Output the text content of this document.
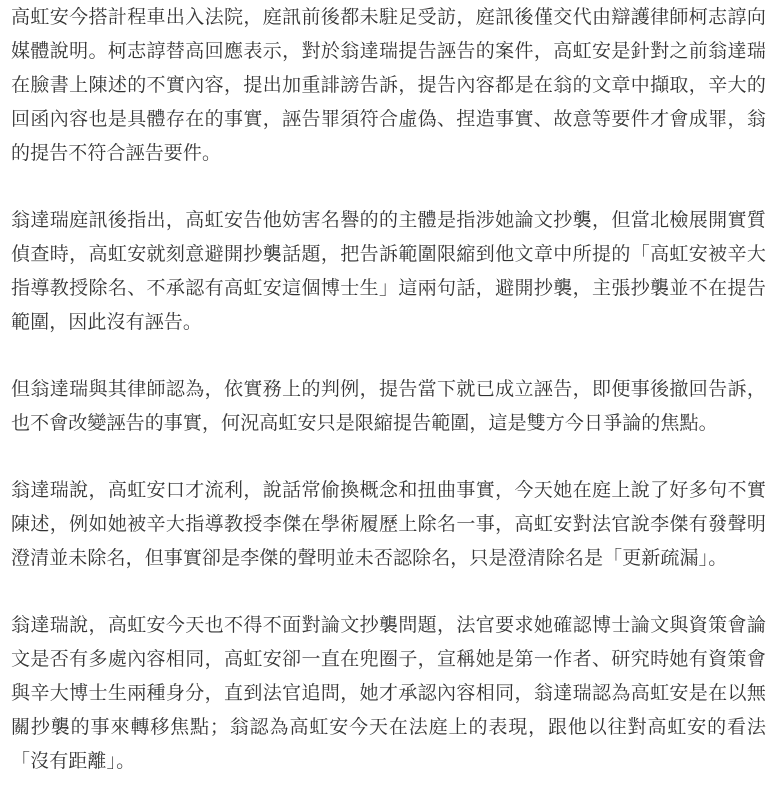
高虹安今搭計程車出入法院，庭訊前後都未駐足受訪，庭訊後僅交代由辯護律師柯志諄向媒體說明。柯志諄替高回應表示，對於翁達瑞提告誣告的案件，高虹安是針對之前翁達瑞在臉書上陳述的不實內容，提出加重誹謗告訴，提告內容都是在翁的文章中擷取，辛大的回函內容也是具體存在的事實，誣告罪須符合虛偽、捏造事實、故意等要件才會成罪，翁的提告不符合誣告要件。

翁達瑞庭訊後指出，高虹安告他妨害名譽的的主體是指涉她論文抄襲，但當北檢展開實質偵查時，高虹安就刻意避開抄襲話題，把告訴範圍限縮到他文章中所提的「高虹安被辛大指導教授除名、不承認有高虹安這個博士生」這兩句話，避開抄襲，主張抄襲並不在提告範圍，因此沒有誣告。

但翁達瑞與其律師認為，依實務上的判例，提告當下就已成立誣告，即便事後撤回告訴，也不會改變誣告的事實，何況高虹安只是限縮提告範圍，這是雙方今日爭論的焦點。

翁達瑞說，高虹安口才流利，說話常偷換概念和扭曲事實，今天她在庭上說了好多句不實陳述，例如她被辛大指導教授李傑在學術履歷上除名一事，高虹安對法官說李傑有發聲明澄清並未除名，但事實卻是李傑的聲明並未否認除名，只是澄清除名是「更新疏漏」。

翁達瑞說，高虹安今天也不得不面對論文抄襲問題，法官要求她確認博士論文與資策會論文是否有多處內容相同，高虹安卻一直在兜圈子，宣稱她是第一作者、研究時她有資策會與辛大博士生兩種身分，直到法官追問，她才承認內容相同，翁達瑞認為高虹安是在以無關抄襲的事來轉移焦點；翁認為高虹安今天在法庭上的表現，跟他以往對高虹安的看法「沒有距離」。
